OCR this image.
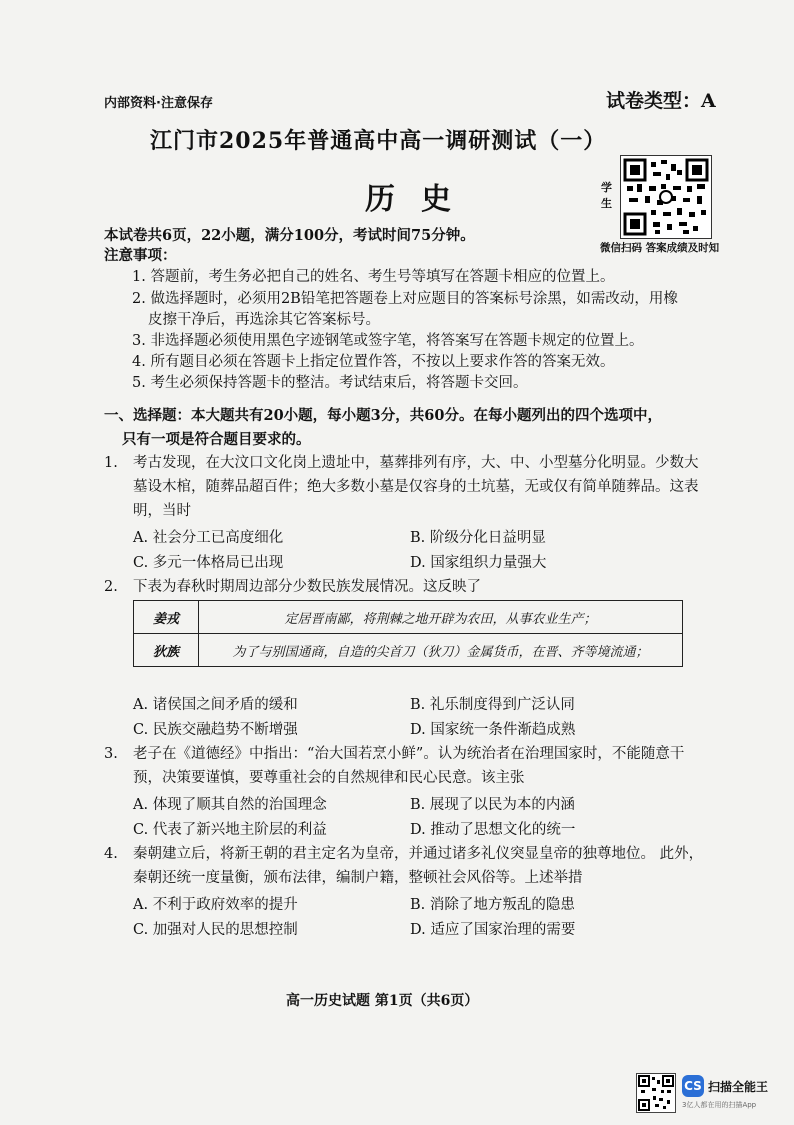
内部资料·注意保存	试卷类型：A
江门市2025年普通高中高一调研测试（一）
历史	学生
微信扫码 答案成绩及时知
本试卷共6页，22小题，满分100分，考试时间75分钟。
注意事项：
1. 答题前，考生务必把自己的姓名、考生号等填写在答题卡相应的位置上。
2. 做选择题时，必须用2B铅笔把答题卷上对应题目的答案标号涂黑，如需改动，用橡
皮擦干净后，再选涂其它答案标号。
3. 非选择题必须使用黑色字迹钢笔或签字笔，将答案写在答题卡规定的位置上。
4. 所有题目必须在答题卡上指定位置作答，不按以上要求作答的答案无效。
5. 考生必须保持答题卡的整洁。考试结束后，将答题卡交回。
一、选择题：本大题共有20小题，每小题3分，共60分。在每小题列出的四个选项中，
只有一项是符合题目要求的。
1. 考古发现，在大汶口文化岗上遗址中，墓葬排列有序，大、中、小型墓分化明显。少数大
墓设木棺，随葬品超百件；绝大多数小墓是仅容身的土坑墓，无或仅有简单随葬品。这表
明，当时
A. 社会分工已高度细化	B. 阶级分化日益明显
C. 多元一体格局已出现	D. 国家组织力量强大
2. 下表为春秋时期周边部分少数民族发展情况。这反映了
姜戎	定居晋南鄙，将荆棘之地开辟为农田，从事农业生产；
狄族	为了与别国通商，自造的尖首刀（狄刀）金属货币，在晋、齐等境流通；
A. 诸侯国之间矛盾的缓和	B. 礼乐制度得到广泛认同
C. 民族交融趋势不断增强	D. 国家统一条件渐趋成熟
3. 老子在《道德经》中指出：“治大国若烹小鲜”。认为统治者在治理国家时，不能随意干
预，决策要谨慎，要尊重社会的自然规律和民心民意。该主张
A. 体现了顺其自然的治国理念	B. 展现了以民为本的内涵
C. 代表了新兴地主阶层的利益	D. 推动了思想文化的统一
4. 秦朝建立后，将新王朝的君主定名为皇帝，并通过诸多礼仪突显皇帝的独尊地位。 此外，
秦朝还统一度量衡，颁布法律，编制户籍，整顿社会风俗等。上述举措
A. 不利于政府效率的提升	B. 消除了地方叛乱的隐患
C. 加强对人民的思想控制	D. 适应了国家治理的需要
高一历史试题 第1页（共6页）
CS 扫描全能王
3亿人都在用的扫描App
